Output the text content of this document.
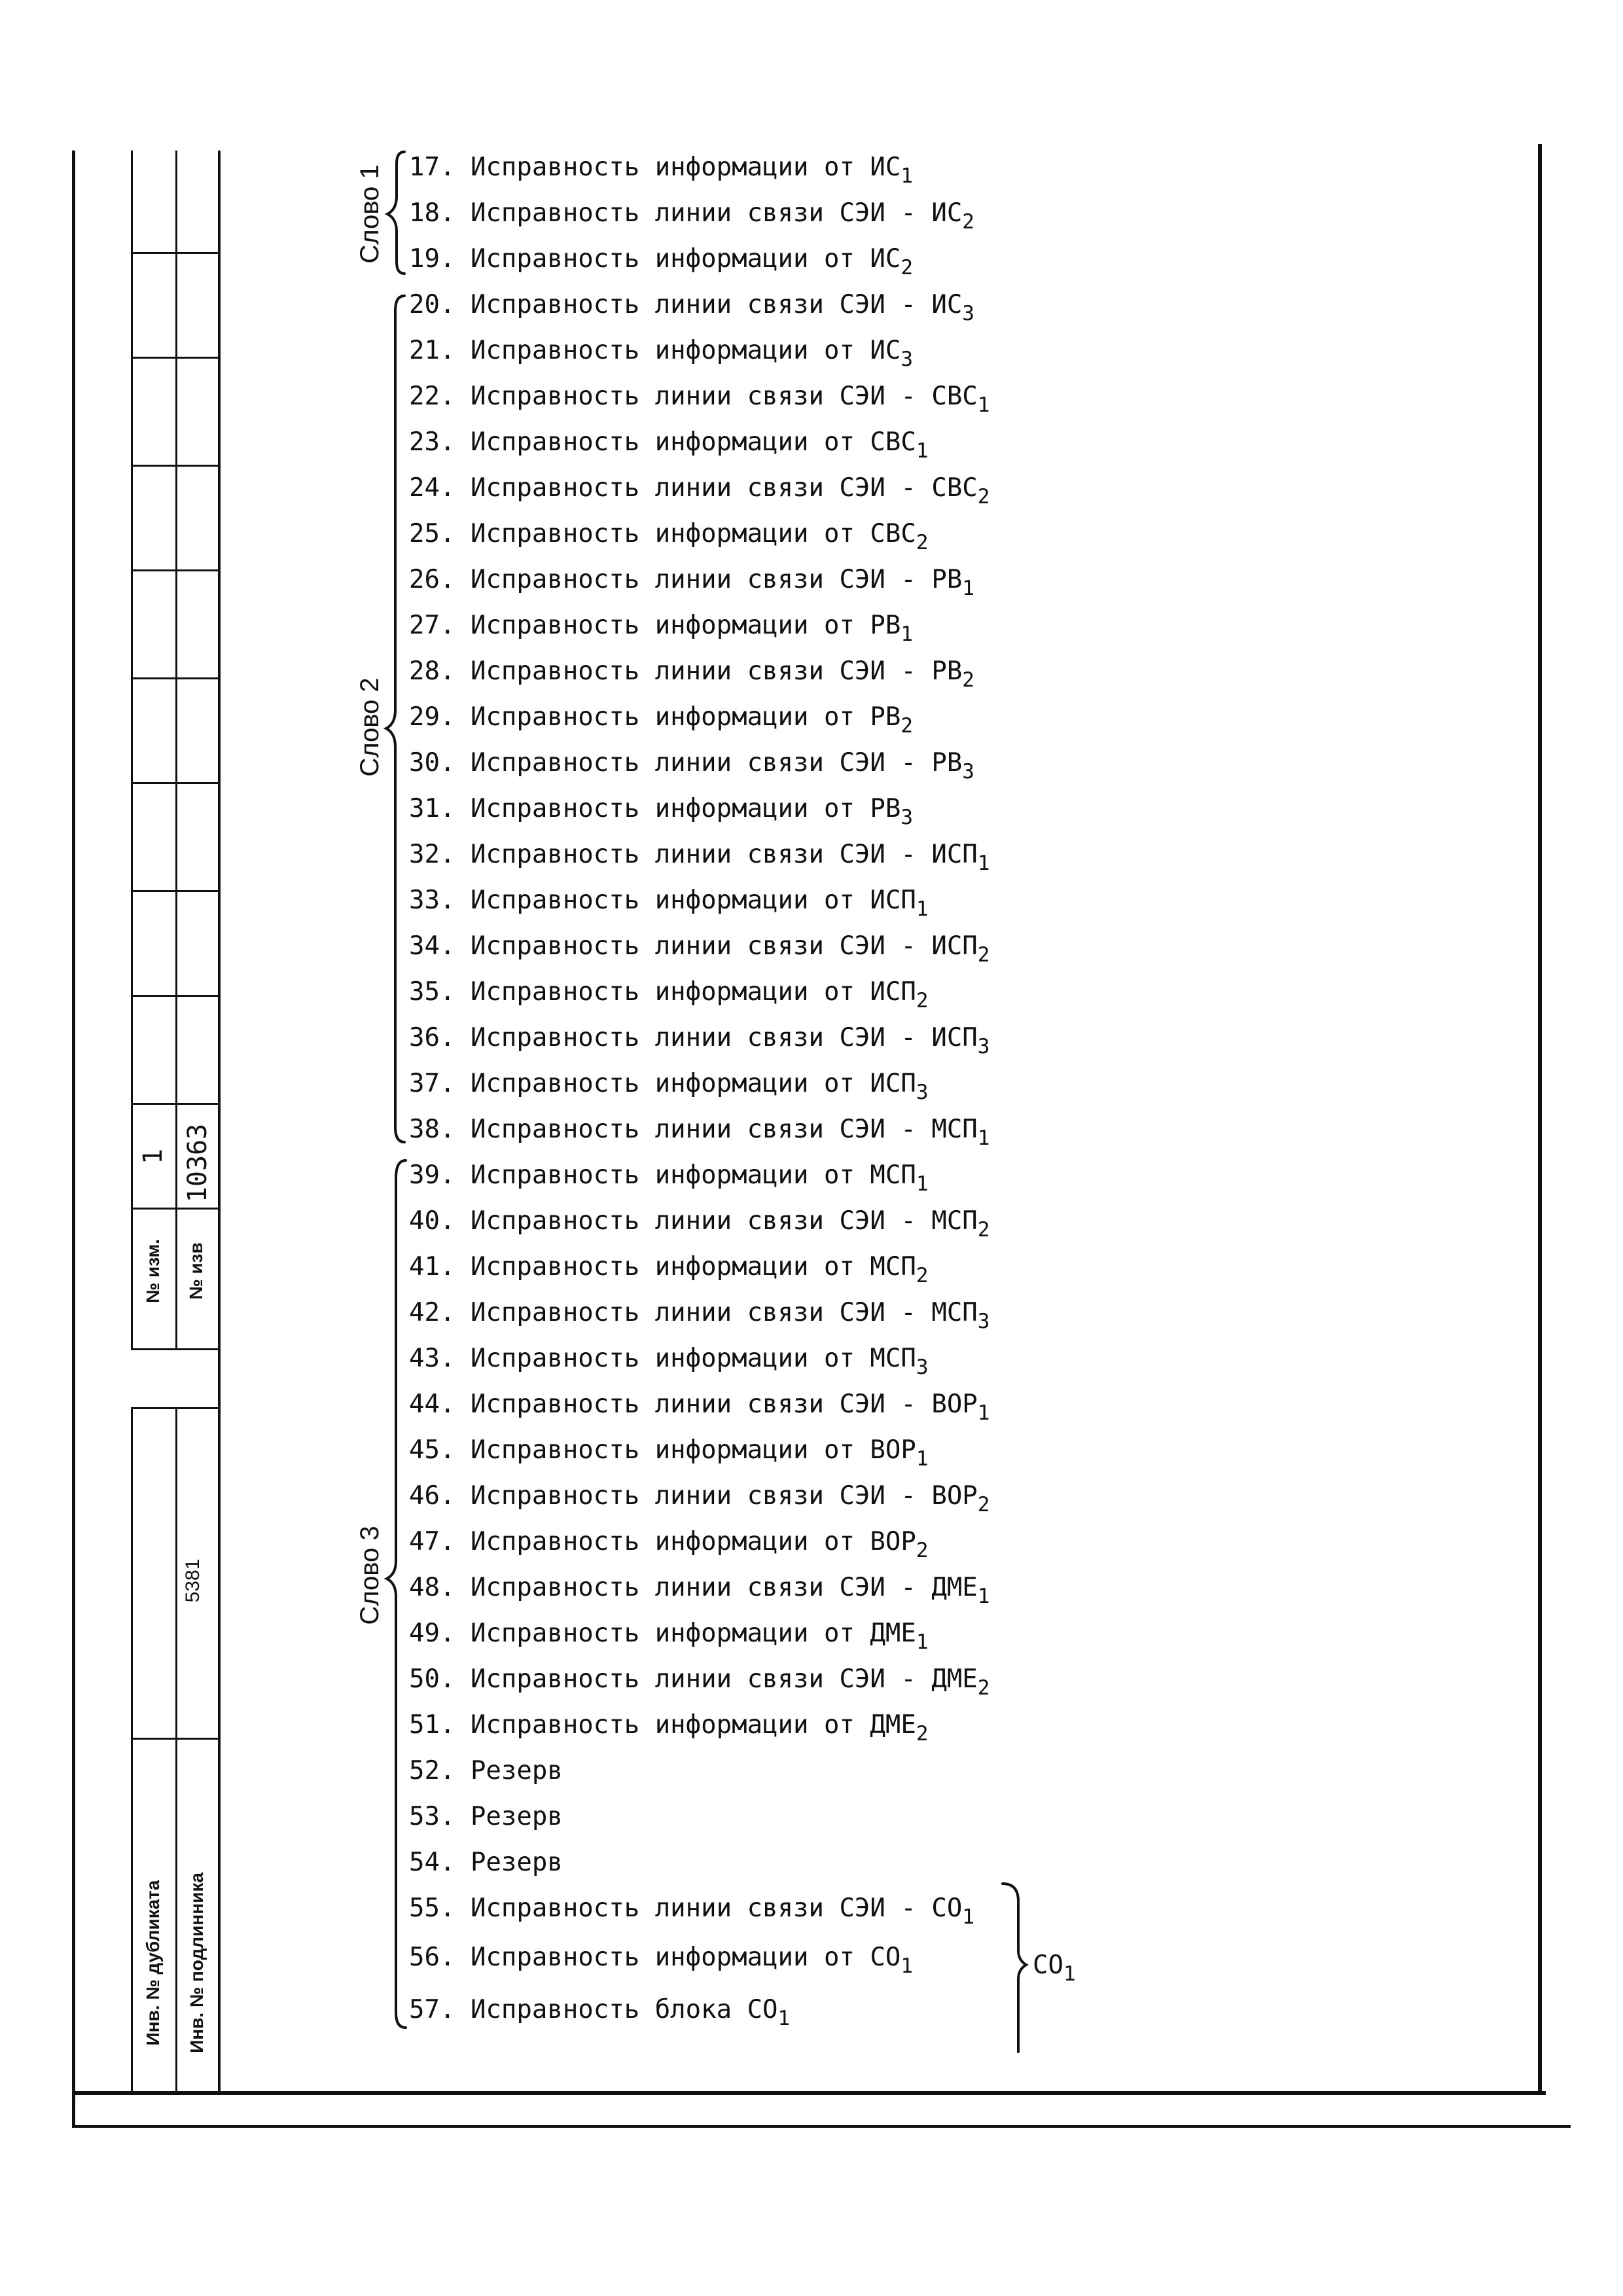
1
№ изм.
10363
№ изв
5381
Инв. № дубликата Инв. № подлинника
Слово 1
Слово 2
Слово 3
17. Исправность информации от $ИС_1$
18. Исправность линии связи СЭИ - $ИС_2$
19. Исправность информации от $ИС_2$
20. Исправность линии связи СЭИ - $ИС_3$
21. Исправность информации от $ИС_3$
22. Исправность линии связи СЭИ - $СВС_1$
23. Исправность информации от $СВС_1$
24. Исправность линии связи СЭИ - $СВС_2$
25. Исправность информации от $СВС_2$
26. Исправность линии связи СЭИ - $РВ_1$
27. Исправность информации от $РВ_1$
28. Исправность линии связи СЭИ - $РВ_2$
29. Исправность информации от $РВ_2$
30. Исправность линии связи СЭИ - $РВ_3$
31. Исправность информации от $РВ_3$
32. Исправность линии связи СЭИ - $ИСП_1$
33. Исправность информации от $ИСП_1$
34. Исправность линии связи СЭИ - $ИСП_2$
35. Исправность информации от $ИСП_2$
36. Исправность линии связи СЭИ - $ИСП_3$
37. Исправность информации от $ИСП_3$
38. Исправность линии связи СЭИ - $МСП_1$
39. Исправность информации от $МСП_1$
40. Исправность линии связи СЭИ - $МСП_2$
41. Исправность информации от $МСП_2$
42. Исправность линии связи СЭИ - $МСП_3$
43. Исправность информации от $МСП_3$
44. Исправность линии связи СЭИ - $ВОР_1$
45. Исправность информации от $ВОР_1$
46. Исправность линии связи СЭИ - $ВОР_2$
47. Исправность информации от $ВОР_2$
48. Исправность линии связи СЭИ - $ДМЕ_1$
49. Исправность информации от $ДМЕ_1$
50. Исправность линии связи СЭИ - $ДМЕ_2$
51. Исправность информации от $ДМЕ_2$
52. Резерв
53. Резерв
54. Резерв
55. Исправность линии связи СЭИ - $СО_1$
56. Исправность информации от $СО_1$
57. Исправность блока $СО_1$
$СО_1$
